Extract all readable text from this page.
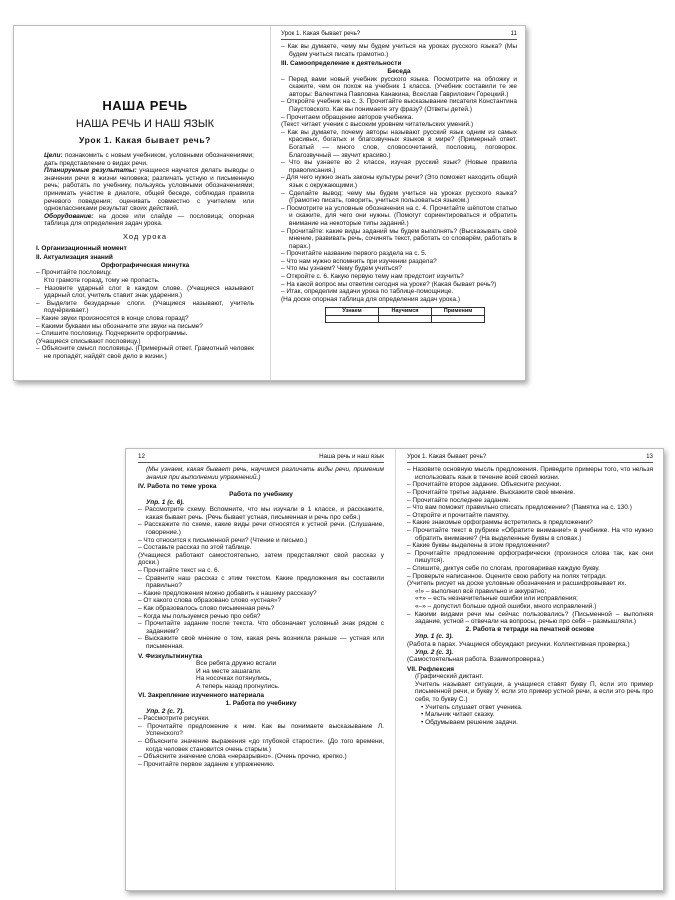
НАША РЕЧЬ
НАША РЕЧЬ И НАШ ЯЗЫК
Урок 1. Какая бывает речь?

Цели: познакомить с новым учебником, условными обозначениями; дать представление о видах речи.

Планируемые результаты: учащиеся научатся делать выводы о значении речи в жизни человека; различать устную и письменную речь; работать по учебнику, пользуясь условными обозначениями; принимать участие в диалоге, общей беседе, соблюдая правила речевого поведения; оценивать совместно с учителем или одноклассниками результат своих действий.

Оборудование: на доске или слайде — пословица; опорная таблица для определения задач урока.

Ход урока

I. Организационный момент

II. Актуализация знаний

Орфографическая минутка

– Прочитайте пословицу.

Кто грамоте горазд, тому не пропасть.

– Назовите ударный слог в каждом слове. (Учащиеся называют ударный слог, учитель ставит знак ударения.)

– Выделите безударные слоги. (Учащиеся называют, учитель подчёркивает.)

– Какие звуки произносятся в конце слова горазд?

– Какими буквами мы обозначите эти звуки на письме?

– Спишите пословицу. Подчеркните орфограммы.

(Учащиеся списывают пословицу.)

– Объясните смысл пословицы. (Примерный ответ. Грамотный человек не пропадёт, найдёт своё дело в жизни.)

Урок 1. Какая бывает речь?	11

– Как вы думаете, чему мы будем учиться на уроках русского языка? (Мы будем учиться писать грамотно.)

III. Самоопределение к деятельности

Беседа

– Перед вами новый учебник русского языка. Посмотрите на обложку и скажите, чем он похож на учебник 1 класса. (Учебник составили те же авторы: Валентина Павловна Канакина, Всеслав Гаврилович Горецкий.)

– Откройте учебник на с. 3. Прочитайте высказывание писателя Константина Паустовского. Как вы понимаете эту фразу? (Ответы детей.)

– Прочитаем обращение авторов учебника.

(Текст читает ученик с высоким уровнем читательских умений.)

– Как вы думаете, почему авторы называют русский язык одним из самых красивых, богатых и благозвучных языков в мире? (Примерный ответ. Богатый — много слов, словосочетаний, пословиц, поговорок. Благозвучный — звучит красиво.)

– Что вы узнаете во 2 классе, изучая русский язык? (Новые правила правописания.)

– Для чего нужно знать законы культуры речи? (Это поможет находить общий язык с окружающими.)

– Сделайте вывод: чему мы будем учиться на уроках русского языка? (Грамотно писать, говорить, учиться пользоваться языком.)

– Посмотрите на условные обозначения на с. 4. Прочитайте шёпотом статью и скажите, для чего они нужны. (Помогут сориентироваться и обратить внимание на некоторые типы заданий.)

– Прочитайте: какие виды заданий мы будем выполнять? (Высказывать своё мнение, развивать речь, сочинять текст, работать со словарём, работать в парах.)

– Прочитайте название первого раздела на с. 5.

– Что нам нужно вспомнить при изучении раздела?

– Что мы узнаем? Чему будем учиться?

– Откройте с. 6. Какую первую тему нам предстоит изучить?

– На какой вопрос мы ответим сегодня на уроке? (Какая бывает речь?)

– Итак, определим задачи урока по таблице-помощнице.

(На доске опорная таблица для определения задач урока.)

Узнаем	Научимся	Применим

12	Наша речь и наш язык

(Мы узнаем, какая бывает речь, научимся различать виды речи, применим знания при выполнении упражнений.)

IV. Работа по теме урока

Работа по учебнику

Упр. 1 (с. 6).

– Рассмотрите схему. Вспомните, что мы изучали в 1 классе, и расскажите, какая бывает речь. (Речь бывает устная, письменная и речь про себя.)

– Расскажите по схеме, какие виды речи относятся к устной речи. (Слушание, говорение.)

– Что относится к письменной речи? (Чтение и письмо.)

– Составьте рассказ по этой таблице.

(Учащиеся работают самостоятельно, затем представляют свой рассказ у доски.)

– Прочитайте текст на с. 6.

– Сравните наш рассказ с этим текстом. Какие предложения вы составили правильно?

– Какие предложения можно добавить к нашему рассказу?

– От какого слова образовано слово «устная»?

– Как образовалось слово письменная речь?

– Когда мы пользуемся речью про себя?

– Прочитайте задание после текста. Что обозначает условный знак рядом с заданием?

– Выскажите своё мнение о том, какая речь возникла раньше — устная или письменная.

V. Физкультминутка

Все ребята дружно встали

И на месте зашагали.

На носочках потянулись,

А теперь назад прогнулись.

VI. Закрепление изученного материала

1. Работа по учебнику

Упр. 2 (с. 7).

– Рассмотрите рисунки.

– Прочитайте предложение к ним. Как вы понимаете высказывание Л. Успенского?

– Объясните значение выражения «до глубокой старости». (До того времени, когда человек становится очень старым.)

– Объясните значение слова «неразрывно». (Очень прочно, крепко.)

– Прочитайте первое задание к упражнению.

Урок 1. Какая бывает речь?	13

– Назовите основную мысль предложения. Приведите примеры того, что нельзя использовать язык в течение всей своей жизни.

– Прочитайте второе задание. Объясните рисунки.

– Прочитайте третье задание. Выскажите своё мнение.

– Прочитайте последнее задание.

– Что вам поможет правильно списать предложение? (Памятка на с. 130.)

– Откройте и прочитайте памятку.

– Какие знакомые орфограммы встретились в предложении?

– Прочитайте текст в рубрике «Обратите внимание!» в учебнике. На что нужно обратить внимание? (На выделенные буквы в словах.)

– Какие буквы выделены в этом предложении?

– Прочитайте предложение орфографически (произнося слова так, как они пишутся).

– Спишите, диктуя себе по слогам, проговаривая каждую букву.

– Проверьте написанное. Оцените свою работу на полях тетради.

(Учитель рисует на доске условные обозначения и расшифровывает их.

«!» – выполнил всё правильно и аккуратно;

«+» – есть незначительные ошибки или исправления;

«–» – допустил больше одной ошибки, много исправлений.)

– Какими видами речи мы сейчас пользовались? (Письменной – выполняя задание, устной – отвечали на вопросы, речью про себя – размышляли.)

2. Работа в тетради на печатной основе

Упр. 1 (с. 3).

(Работа в парах. Учащиеся обсуждают рисунки. Коллективная проверка.)

Упр. 2 (с. 3).

(Самостоятельная работа. Взаимопроверка.)

VII. Рефлексия

(Графический диктант.

Учитель называет ситуации, а учащиеся ставят букву П, если это пример письменной речи, и букву У, если это пример устной речи, а если это речь про себя, то букву С.)

• Учитель слушает ответ ученика.

• Мальчик читает сказку.

• Обдумываем решение задачи.
